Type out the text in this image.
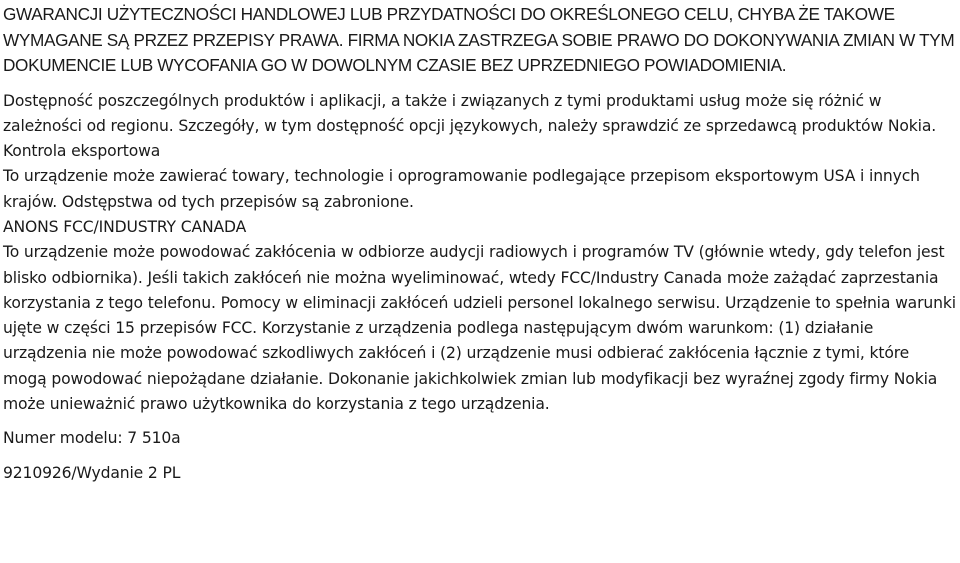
GWARANCJI UŻYTECZNOŚCI HANDLOWEJ LUB PRZYDATNOŚCI DO OKREŚLONEGO CELU, CHYBA ŻE TAKOWE WYMAGANE SĄ PRZEZ PRZEPISY PRAWA. FIRMA NOKIA ZASTRZEGA SOBIE PRAWO DO DOKONYWANIA ZMIAN W TYM DOKUMENCIE LUB WYCOFANIA GO W DOWOLNYM CZASIE BEZ UPRZEDNIEGO POWIADOMIENIA.

Dostępność poszczególnych produktów i aplikacji, a także i związanych z tymi produktami usług może się różnić w zależności od regionu. Szczegóły, w tym dostępność opcji językowych, należy sprawdzić ze sprzedawcą produktów Nokia.

Kontrola eksportowa

To urządzenie może zawierać towary, technologie i oprogramowanie podlegające przepisom eksportowym USA i innych krajów. Odstępstwa od tych przepisów są zabronione.

ANONS FCC/INDUSTRY CANADA

To urządzenie może powodować zakłócenia w odbiorze audycji radiowych i programów TV (głównie wtedy, gdy telefon jest blisko odbiornika). Jeśli takich zakłóceń nie można wyeliminować, wtedy FCC/Industry Canada może zażądać zaprzestania korzystania z tego telefonu. Pomocy w eliminacji zakłóceń udzieli personel lokalnego serwisu. Urządzenie to spełnia warunki ujęte w części 15 przepisów FCC. Korzystanie z urządzenia podlega następującym dwóm warunkom: (1) działanie urządzenia nie może powodować szkodliwych zakłóceń i (2) urządzenie musi odbierać zakłócenia łącznie z tymi, które mogą powodować niepożądane działanie. Dokonanie jakichkolwiek zmian lub modyfikacji bez wyraźnej zgody firmy Nokia może unieważnić prawo użytkownika do korzystania z tego urządzenia.

Numer modelu: 7 510a

9210926/Wydanie 2 PL
